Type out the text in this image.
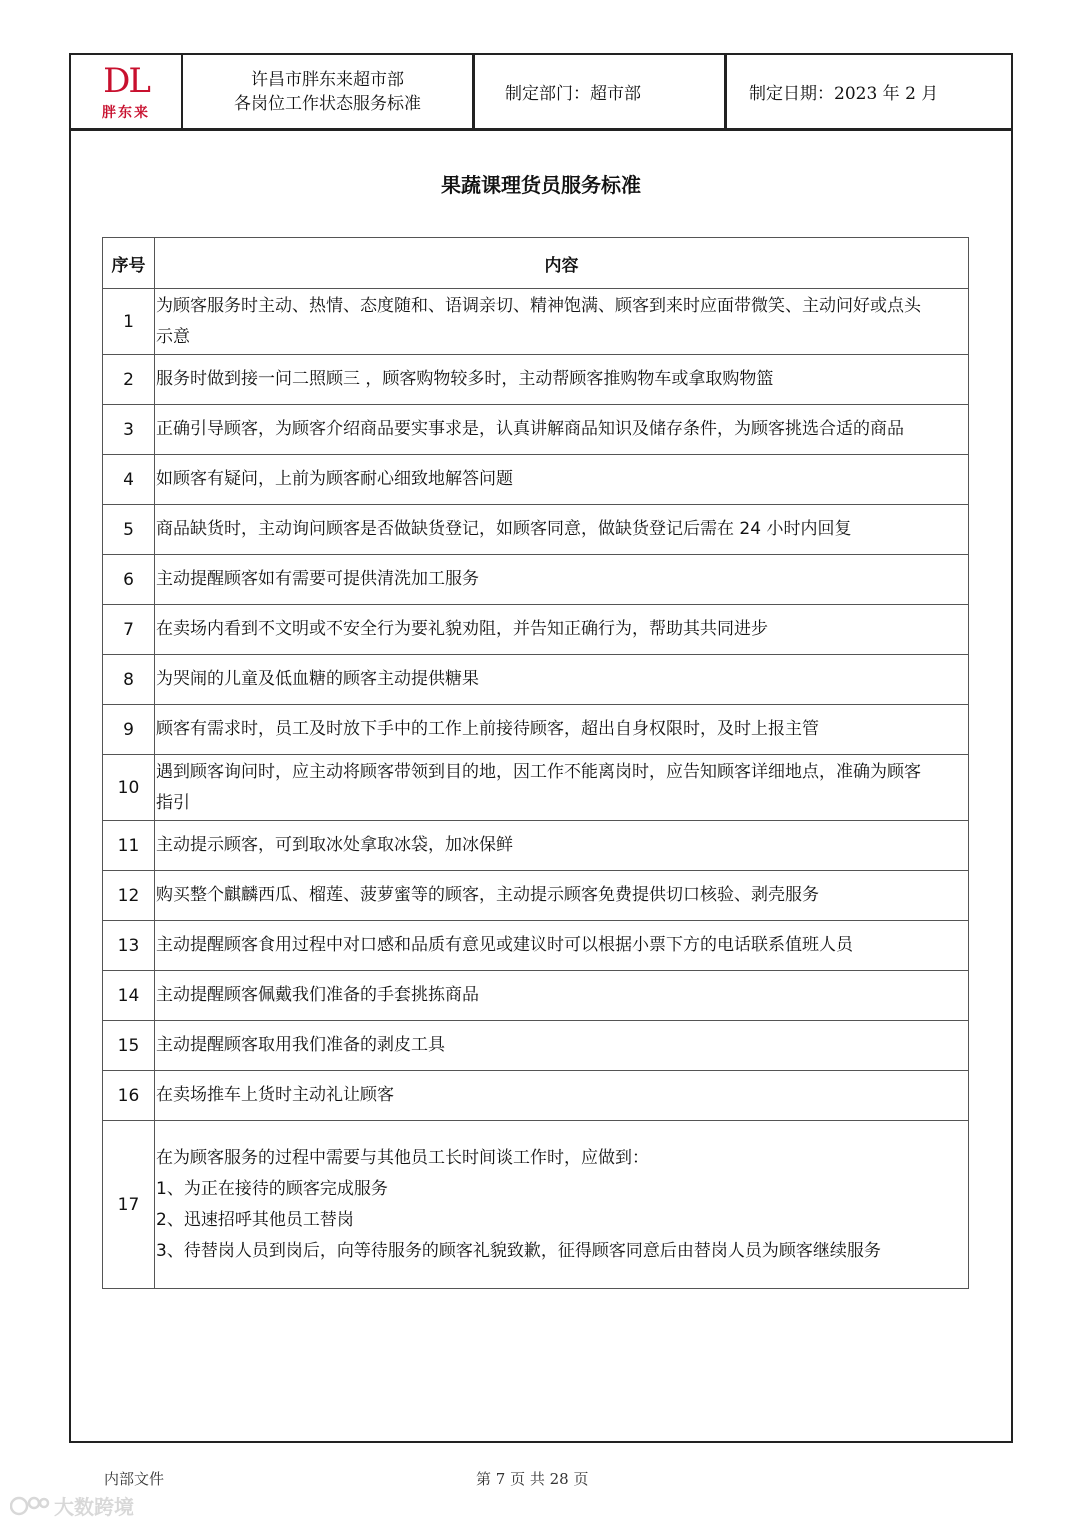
DL
胖东来
许昌市胖东来超市部
各岗位工作状态服务标准	制定部门：超市部	制定日期：2023 年 2 月
果蔬课理货员服务标准
序号	内容
1	为顾客服务时主动、热情、态度随和、语调亲切、精神饱满、顾客到来时应面带微笑、主动问好或点头
示意

2	服务时做到接一问二照顾三 ，顾客购物较多时，主动帮顾客推购物车或拿取购物篮

3	正确引导顾客，为顾客介绍商品要实事求是，认真讲解商品知识及储存条件，为顾客挑选合适的商品

4	如顾客有疑问，上前为顾客耐心细致地解答问题

5	商品缺货时，主动询问顾客是否做缺货登记，如顾客同意，做缺货登记后需在 24 小时内回复

6	主动提醒顾客如有需要可提供清洗加工服务

7	在卖场内看到不文明或不安全行为要礼貌劝阻，并告知正确行为，帮助其共同进步

8	为哭闹的儿童及低血糖的顾客主动提供糖果

9	顾客有需求时，员工及时放下手中的工作上前接待顾客，超出自身权限时，及时上报主管

10	遇到顾客询问时，应主动将顾客带领到目的地，因工作不能离岗时，应告知顾客详细地点，准确为顾客
指引

11	主动提示顾客，可到取冰处拿取冰袋，加冰保鲜

12	购买整个麒麟西瓜、榴莲、菠萝蜜等的顾客，主动提示顾客免费提供切口核验、剥壳服务

13	主动提醒顾客食用过程中对口感和品质有意见或建议时可以根据小票下方的电话联系值班人员

14	主动提醒顾客佩戴我们准备的手套挑拣商品

15	主动提醒顾客取用我们准备的剥皮工具

16	在卖场推车上货时主动礼让顾客

17	在为顾客服务的过程中需要与其他员工长时间谈工作时，应做到：
1、为正在接待的顾客完成服务
2、迅速招呼其他员工替岗
3、待替岗人员到岗后，向等待服务的顾客礼貌致歉，征得顾客同意后由替岗人员为顾客继续服务
内部文件	第 7 页 共 28 页
大数跨境
